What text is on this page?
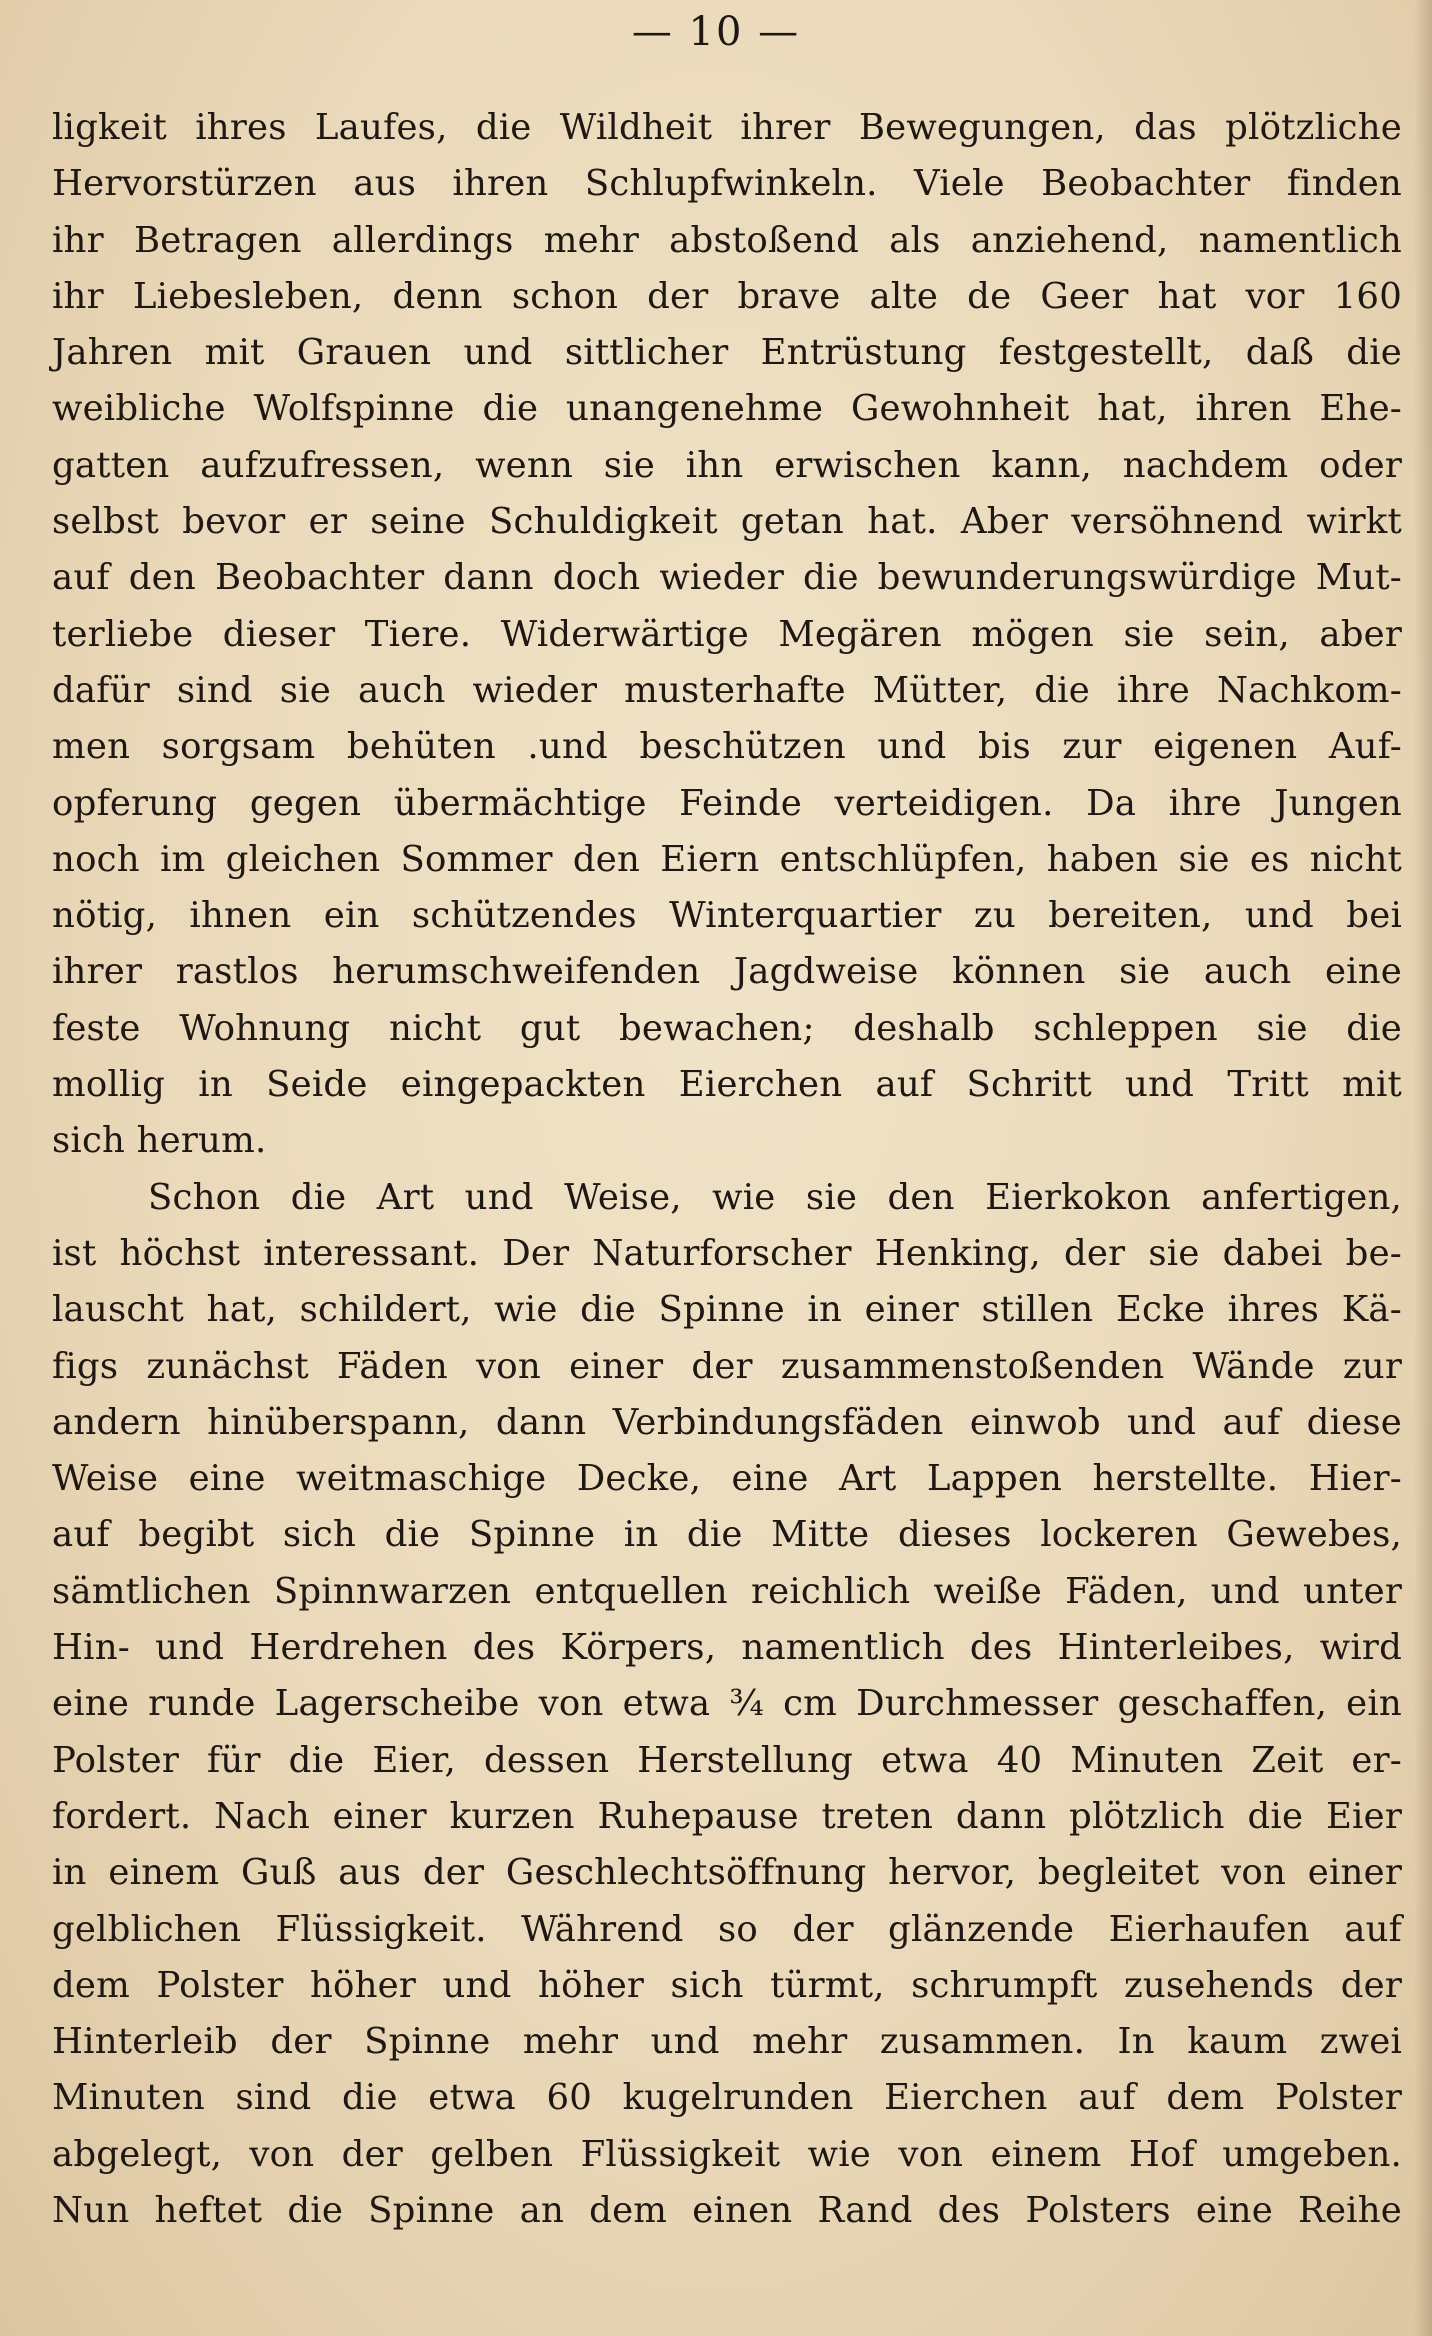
— 10 —
ligkeit ihres Laufes, die Wildheit ihrer Bewegungen, das plötzliche
Hervorstürzen aus ihren Schlupfwinkeln. Viele Beobachter finden
ihr Betragen allerdings mehr abstoßend als anziehend, namentlich
ihr Liebesleben, denn schon der brave alte de Geer hat vor 160
Jahren mit Grauen und sittlicher Entrüstung festgestellt, daß die
weibliche Wolfspinne die unangenehme Gewohnheit hat, ihren Ehe-
gatten aufzufressen, wenn sie ihn erwischen kann, nachdem oder
selbst bevor er seine Schuldigkeit getan hat. Aber versöhnend wirkt
auf den Beobachter dann doch wieder die bewunderungswürdige Mut-
terliebe dieser Tiere. Widerwärtige Megären mögen sie sein, aber
dafür sind sie auch wieder musterhafte Mütter, die ihre Nachkom-
men sorgsam behüten .und beschützen und bis zur eigenen Auf-
opferung gegen übermächtige Feinde verteidigen. Da ihre Jungen
noch im gleichen Sommer den Eiern entschlüpfen, haben sie es nicht
nötig, ihnen ein schützendes Winterquartier zu bereiten, und bei
ihrer rastlos herumschweifenden Jagdweise können sie auch eine
feste Wohnung nicht gut bewachen; deshalb schleppen sie die
mollig in Seide eingepackten Eierchen auf Schritt und Tritt mit
sich herum.
Schon die Art und Weise, wie sie den Eierkokon anfertigen,
ist höchst interessant. Der Naturforscher Henking, der sie dabei be-
lauscht hat, schildert, wie die Spinne in einer stillen Ecke ihres Kä-
figs zunächst Fäden von einer der zusammenstoßenden Wände zur
andern hinüberspann, dann Verbindungsfäden einwob und auf diese
Weise eine weitmaschige Decke, eine Art Lappen herstellte. Hier-
auf begibt sich die Spinne in die Mitte dieses lockeren Gewebes,
sämtlichen Spinnwarzen entquellen reichlich weiße Fäden, und unter
Hin- und Herdrehen des Körpers, namentlich des Hinterleibes, wird
eine runde Lagerscheibe von etwa ¾ cm Durchmesser geschaffen, ein
Polster für die Eier, dessen Herstellung etwa 40 Minuten Zeit er-
fordert. Nach einer kurzen Ruhepause treten dann plötzlich die Eier
in einem Guß aus der Geschlechtsöffnung hervor, begleitet von einer
gelblichen Flüssigkeit. Während so der glänzende Eierhaufen auf
dem Polster höher und höher sich türmt, schrumpft zusehends der
Hinterleib der Spinne mehr und mehr zusammen. In kaum zwei
Minuten sind die etwa 60 kugelrunden Eierchen auf dem Polster
abgelegt, von der gelben Flüssigkeit wie von einem Hof umgeben.
Nun heftet die Spinne an dem einen Rand des Polsters eine Reihe
